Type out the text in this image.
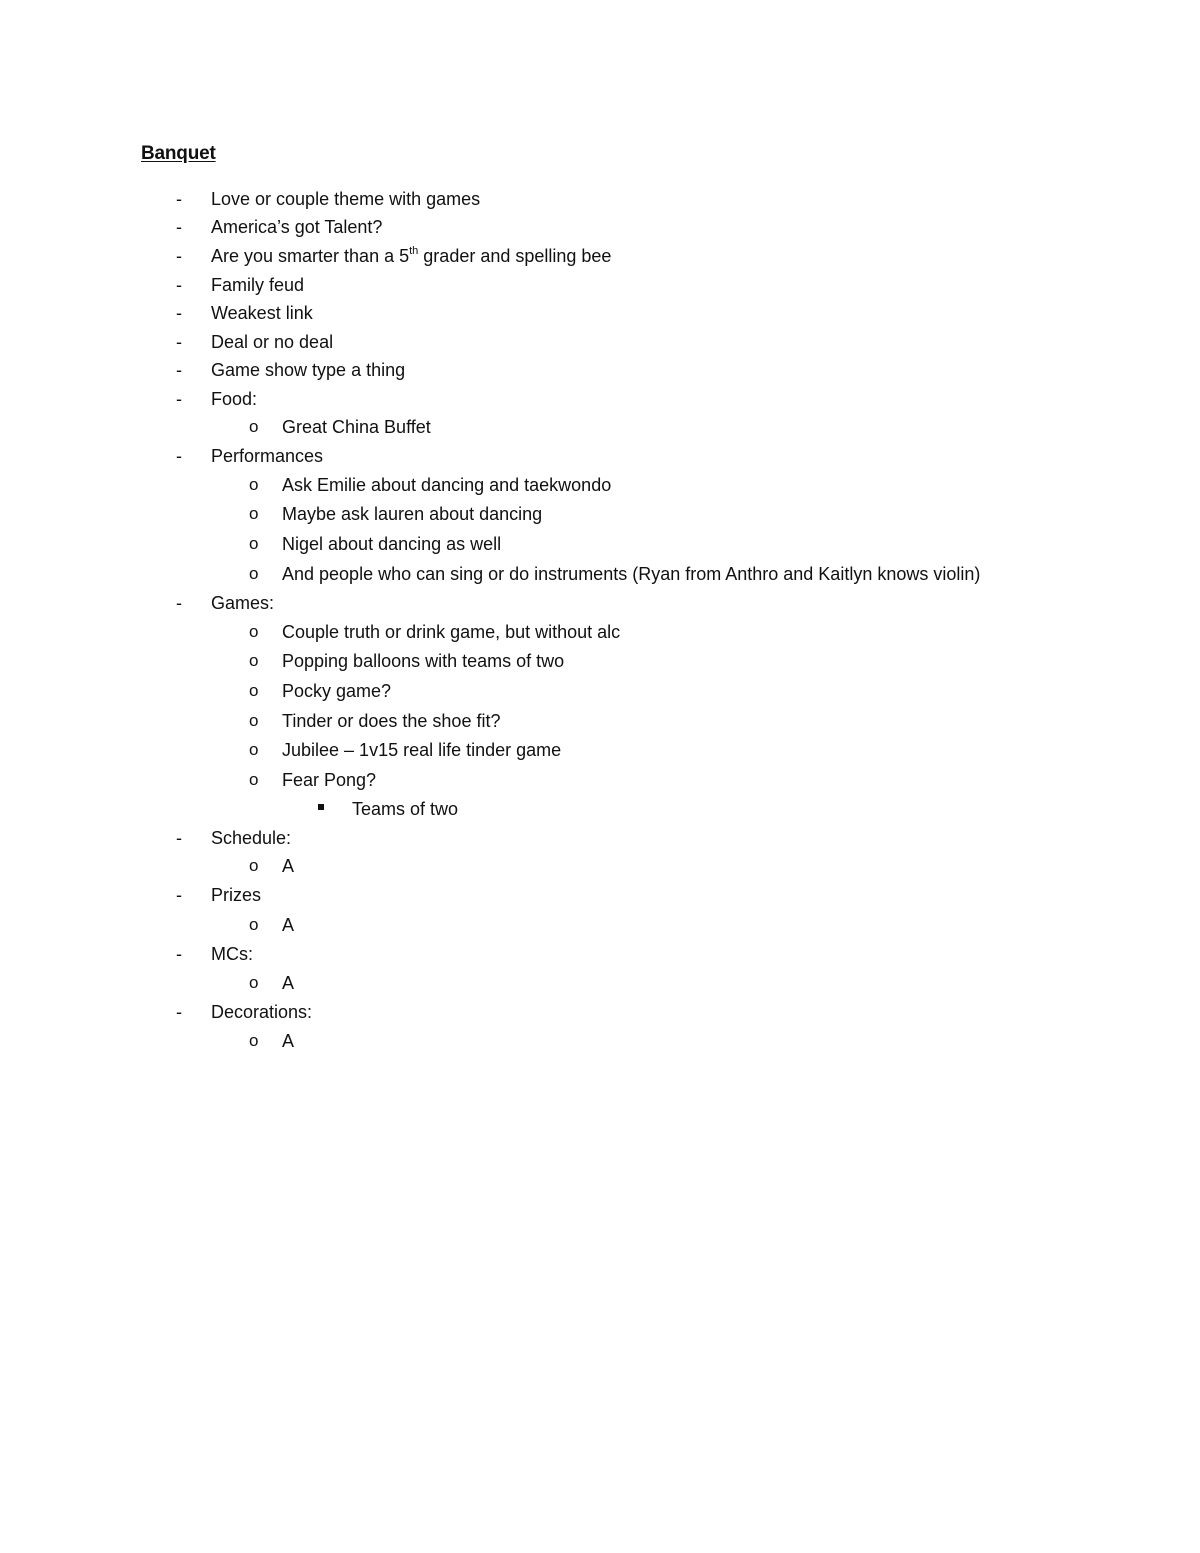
Banquet
- Love or couple theme with games
- America’s got Talent?
- Are you smarter than a 5th grader and spelling bee
- Family feud
- Weakest link
- Deal or no deal
- Game show type a thing
- Food:
o Great China Buffet
- Performances
o Ask Emilie about dancing and taekwondo
o Maybe ask lauren about dancing
o Nigel about dancing as well
o And people who can sing or do instruments (Ryan from Anthro and Kaitlyn knows violin)
- Games:
o Couple truth or drink game, but without alc
o Popping balloons with teams of two
o Pocky game?
o Tinder or does the shoe fit?
o Jubilee – 1v15 real life tinder game
o Fear Pong?
Teams of two
- Schedule:
o A
- Prizes
o A
- MCs:
o A
- Decorations:
o A
